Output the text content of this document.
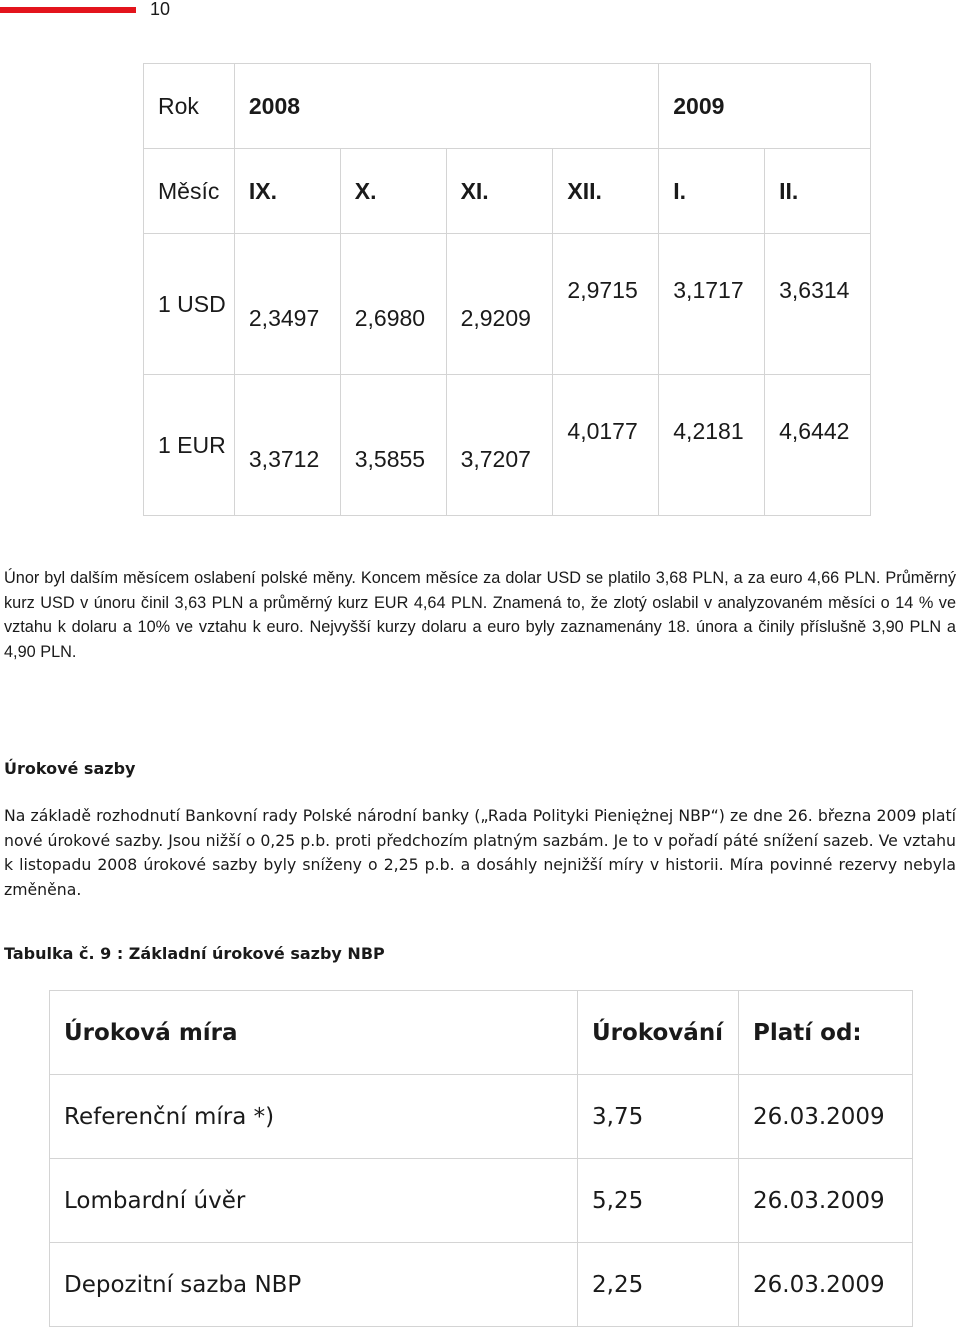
10
Rok	2008				2009	
Měsíc	IX.	X.	XI.	XII.	I.	II.
1 USD	2,3497	2,6980	2,9209	2,9715	3,1717	3,6314
1 EUR	3,3712	3,5855	3,7207	4,0177	4,2181	4,6442

Únor byl dalším měsícem oslabení polské měny. Koncem měsíce za dolar USD se platilo 3,68 PLN, a za euro 4,66 PLN. Průměrný kurz USD v únoru činil 3,63 PLN a průměrný kurz EUR 4,64 PLN. Znamená to, že zlotý oslabil v analyzovaném měsíci o 14 % ve vztahu k dolaru a 10% ve vztahu k euro. Nejvyšší kurzy dolaru a euro byly zaznamenány 18. února a činily příslušně 3,90 PLN a 4,90 PLN.

Úrokové sazby

Na základě rozhodnutí Bankovní rady Polské národní banky („Rada Polityki Pieniężnej NBP“) ze dne 26. března 2009 platí nové úrokové sazby. Jsou nižší o 0,25 p.b. proti předchozím platným sazbám. Je to v pořadí páté snížení sazeb. Ve vztahu k listopadu 2008 úrokové sazby byly sníženy o 2,25 p.b. a dosáhly nejnižší míry v historii. Míra povinné rezervy nebyla změněna.

Tabulka č. 9 : Základní úrokové sazby NBP
Úroková míra	Úrokování	Platí od:
Referenční míra *)	3,75	26.03.2009
Lombardní úvěr	5,25	26.03.2009
Depozitní sazba NBP	2,25	26.03.2009
